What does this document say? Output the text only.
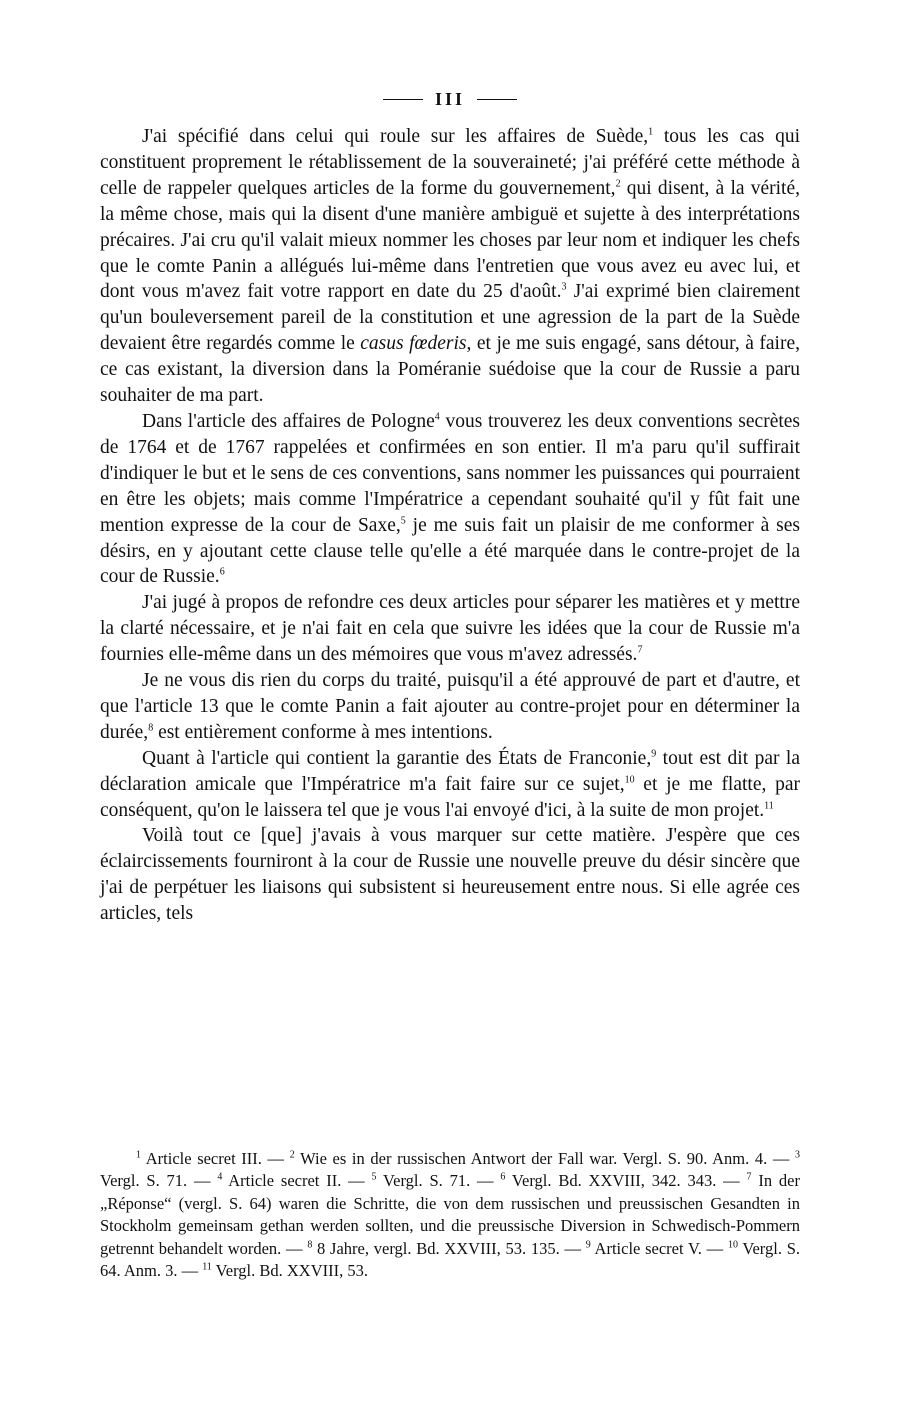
III

J'ai spécifié dans celui qui roule sur les affaires de Suède,$^1$ tous les cas qui constituent proprement le rétablissement de la souveraineté; j'ai préféré cette méthode à celle de rappeler quelques articles de la forme du gouvernement,$^2$ qui disent, à la vérité, la même chose, mais qui la disent d'une manière ambiguë et sujette à des interprétations précaires. J'ai cru qu'il valait mieux nommer les choses par leur nom et indiquer les chefs que le comte Panin a allégués lui-même dans l'entretien que vous avez eu avec lui, et dont vous m'avez fait votre rapport en date du 25 d'août.$^3$ J'ai exprimé bien clairement qu'un bouleversement pareil de la constitution et une agression de la part de la Suède devaient être regardés comme le casus fœderis, et je me suis engagé, sans détour, à faire, ce cas existant, la diversion dans la Poméranie suédoise que la cour de Russie a paru souhaiter de ma part.

Dans l'article des affaires de Pologne$^4$ vous trouverez les deux conventions secrètes de 1764 et de 1767 rappelées et confirmées en son entier. Il m'a paru qu'il suffirait d'indiquer le but et le sens de ces conventions, sans nommer les puissances qui pourraient en être les objets; mais comme l'Impératrice a cependant souhaité qu'il y fût fait une mention expresse de la cour de Saxe,$^5$ je me suis fait un plaisir de me conformer à ses désirs, en y ajoutant cette clause telle qu'elle a été marquée dans le contre-projet de la cour de Russie.$^6$

J'ai jugé à propos de refondre ces deux articles pour séparer les matières et y mettre la clarté nécessaire, et je n'ai fait en cela que suivre les idées que la cour de Russie m'a fournies elle-même dans un des mémoires que vous m'avez adressés.$^7$

Je ne vous dis rien du corps du traité, puisqu'il a été approuvé de part et d'autre, et que l'article 13 que le comte Panin a fait ajouter au contre-projet pour en déterminer la durée,$^8$ est entièrement conforme à mes intentions.

Quant à l'article qui contient la garantie des États de Franconie,$^9$ tout est dit par la déclaration amicale que l'Impératrice m'a fait faire sur ce sujet,$^{10}$ et je me flatte, par conséquent, qu'on le laissera tel que je vous l'ai envoyé d'ici, à la suite de mon projet.$^{11}$

Voilà tout ce [que] j'avais à vous marquer sur cette matière. J'espère que ces éclaircissements fourniront à la cour de Russie une nouvelle preuve du désir sincère que j'ai de perpétuer les liaisons qui subsistent si heureusement entre nous. Si elle agrée ces articles, tels

$^1$ Article secret III. — $^2$ Wie es in der russischen Antwort der Fall war. Vergl. S. 90. Anm. 4. — $^3$ Vergl. S. 71. — $^4$ Article secret II. — $^5$ Vergl. S. 71. — $^6$ Vergl. Bd. XXVIII, 342. 343. — $^7$ In der „Réponse“ (vergl. S. 64) waren die Schritte, die von dem russischen und preussischen Gesandten in Stockholm gemeinsam gethan werden sollten, und die preussische Diversion in Schwedisch-Pommern getrennt behandelt worden. — $^8$ 8 Jahre, vergl. Bd. XXVIII, 53. 135. — $^9$ Article secret V. — $^{10}$ Vergl. S. 64. Anm. 3. — $^{11}$ Vergl. Bd. XXVIII, 53.
